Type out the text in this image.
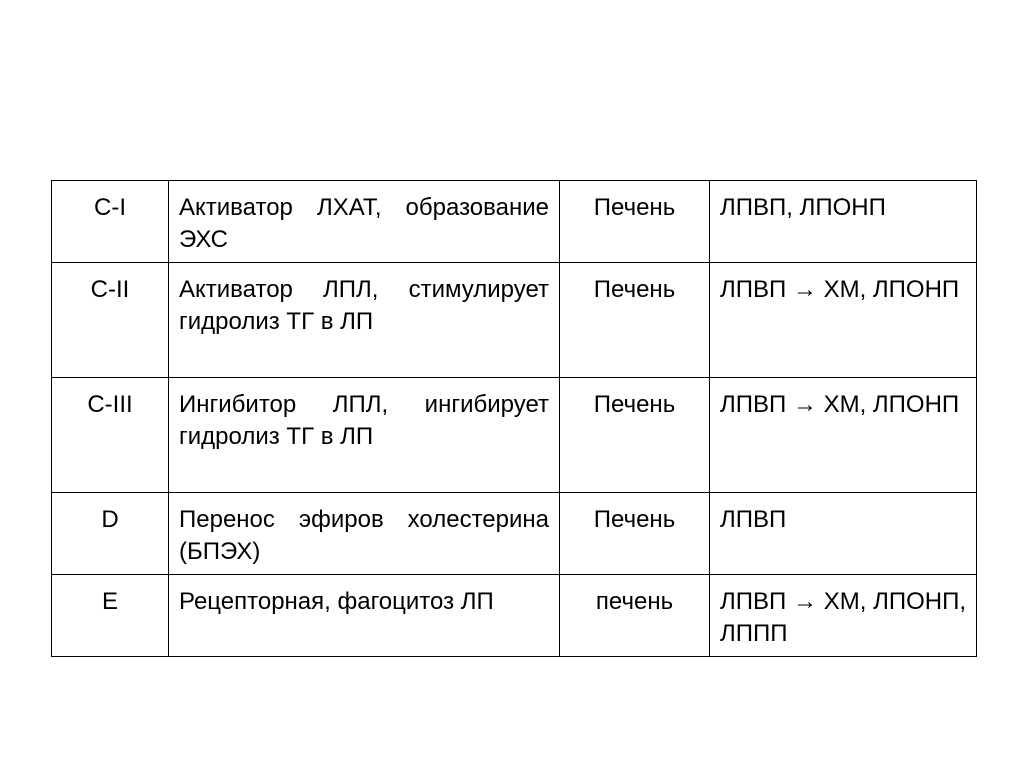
C-I	Активатор ЛХАТ, образование ЭХС	Печень	ЛПВП, ЛПОНП
C-II	Активатор ЛПЛ, стимулирует гидролиз ТГ в ЛП	Печень	ЛПВП → ХМ, ЛПОНП
C-III	Ингибитор ЛПЛ, ингибирует гидролиз ТГ в ЛП	Печень	ЛПВП → ХМ, ЛПОНП
D	Перенос эфиров холестерина (БПЭХ)	Печень	ЛПВП
E	Рецепторная, фагоцитоз ЛП	печень	ЛПВП → ХМ, ЛПОНП, ЛППП
